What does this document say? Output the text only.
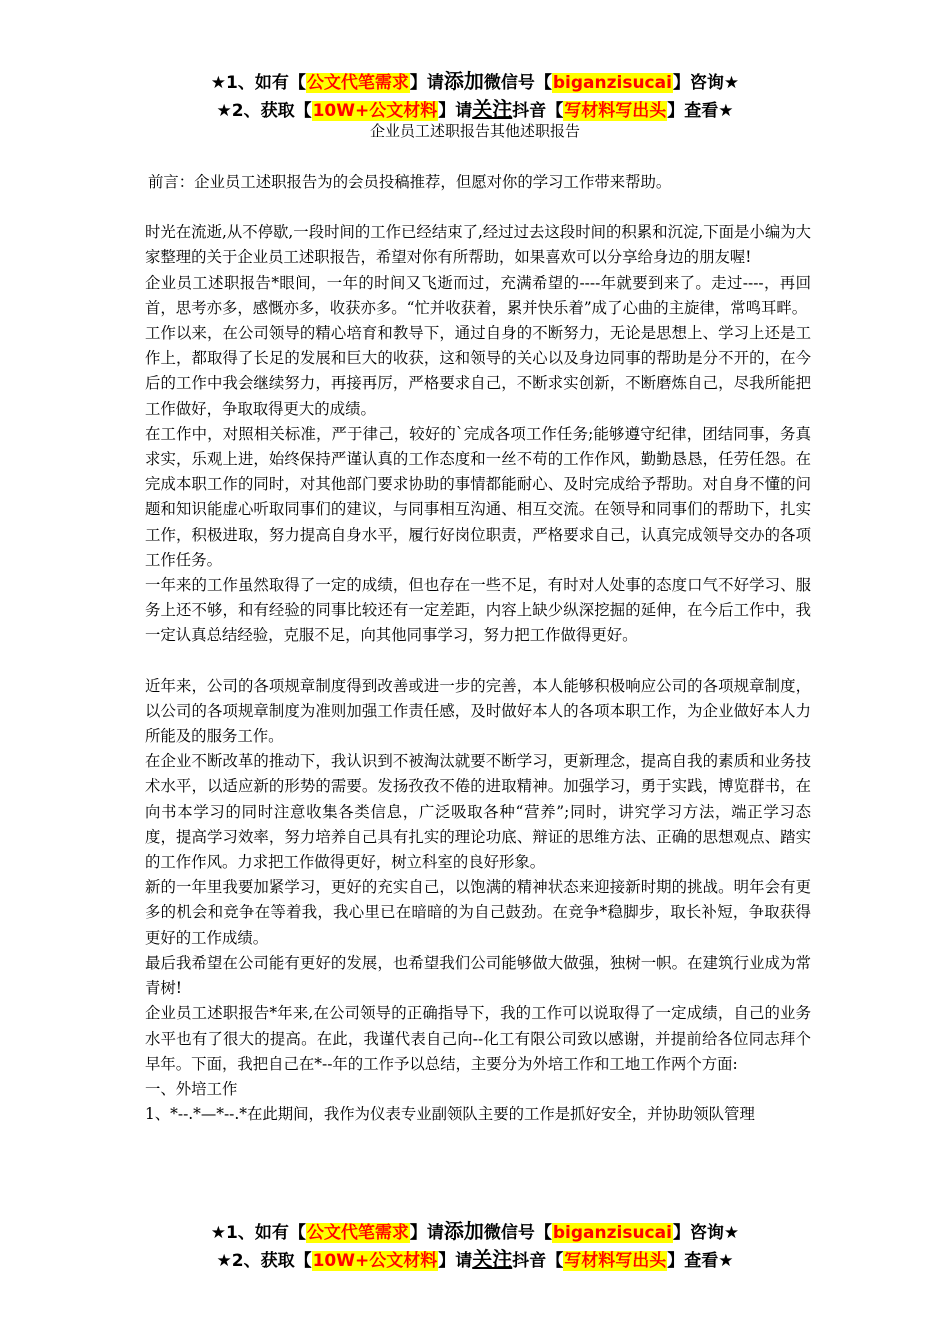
★1、如有【公文代笔需求】请添加微信号【biganzisucai】咨询★
★2、获取【10W+公文材料】请关注抖音【写材料写出头】查看★
企业员工述职报告其他述职报告

前言：企业员工述职报告为的会员投稿推荐，但愿对你的学习工作带来帮助。

时光在流逝,从不停歇,一段时间的工作已经结束了,经过过去这段时间的积累和沉淀,下面是小编为大家整理的关于企业员工述职报告，希望对你有所帮助，如果喜欢可以分享给身边的朋友喔!

企业员工述职报告*眼间，一年的时间又飞逝而过，充满希望的----年就要到来了。走过----，再回首，思考亦多，感慨亦多，收获亦多。“忙并收获着，累并快乐着”成了心曲的主旋律，常鸣耳畔。

工作以来，在公司领导的精心培育和教导下，通过自身的不断努力，无论是思想上、学习上还是工作上，都取得了长足的发展和巨大的收获，这和领导的关心以及身边同事的帮助是分不开的，在今后的工作中我会继续努力，再接再厉，严格要求自己，不断求实创新，不断磨炼自己，尽我所能把工作做好，争取取得更大的成绩。

在工作中，对照相关标准，严于律己，较好的`完成各项工作任务;能够遵守纪律，团结同事，务真求实，乐观上进，始终保持严谨认真的工作态度和一丝不苟的工作作风，勤勤恳恳，任劳任怨。在完成本职工作的同时，对其他部门要求协助的事情都能耐心、及时完成给予帮助。对自身不懂的问题和知识能虚心听取同事们的建议，与同事相互沟通、相互交流。在领导和同事们的帮助下，扎实工作，积极进取，努力提高自身水平，履行好岗位职责，严格要求自己，认真完成领导交办的各项工作任务。

一年来的工作虽然取得了一定的成绩，但也存在一些不足，有时对人处事的态度口气不好学习、服务上还不够，和有经验的同事比较还有一定差距，内容上缺少纵深挖掘的延伸，在今后工作中，我一定认真总结经验，克服不足，向其他同事学习，努力把工作做得更好。

近年来，公司的各项规章制度得到改善或进一步的完善，本人能够积极响应公司的各项规章制度，以公司的各项规章制度为准则加强工作责任感，及时做好本人的各项本职工作，为企业做好本人力所能及的服务工作。

在企业不断改革的推动下，我认识到不被淘汰就要不断学习，更新理念，提高自我的素质和业务技术水平，以适应新的形势的需要。发扬孜孜不倦的进取精神。加强学习，勇于实践，博览群书，在向书本学习的同时注意收集各类信息，广泛吸取各种“营养”;同时，讲究学习方法，端正学习态度，提高学习效率，努力培养自己具有扎实的理论功底、辩证的思维方法、正确的思想观点、踏实的工作作风。力求把工作做得更好，树立科室的良好形象。

新的一年里我要加紧学习，更好的充实自己，以饱满的精神状态来迎接新时期的挑战。明年会有更多的机会和竞争在等着我，我心里已在暗暗的为自己鼓劲。在竞争*稳脚步，取长补短，争取获得更好的工作成绩。

最后我希望在公司能有更好的发展，也希望我们公司能够做大做强，独树一帜。在建筑行业成为常青树!

企业员工述职报告*年来,在公司领导的正确指导下，我的工作可以说取得了一定成绩，自己的业务水平也有了很大的提高。在此，我谨代表自己向--化工有限公司致以感谢，并提前给各位同志拜个早年。下面，我把自己在*--年的工作予以总结，主要分为外培工作和工地工作两个方面:

一、外培工作

1、*--.*—*--.*在此期间，我作为仪表专业副领队主要的工作是抓好安全，并协助领队管理

★1、如有【公文代笔需求】请添加微信号【biganzisucai】咨询★
★2、获取【10W+公文材料】请关注抖音【写材料写出头】查看★
